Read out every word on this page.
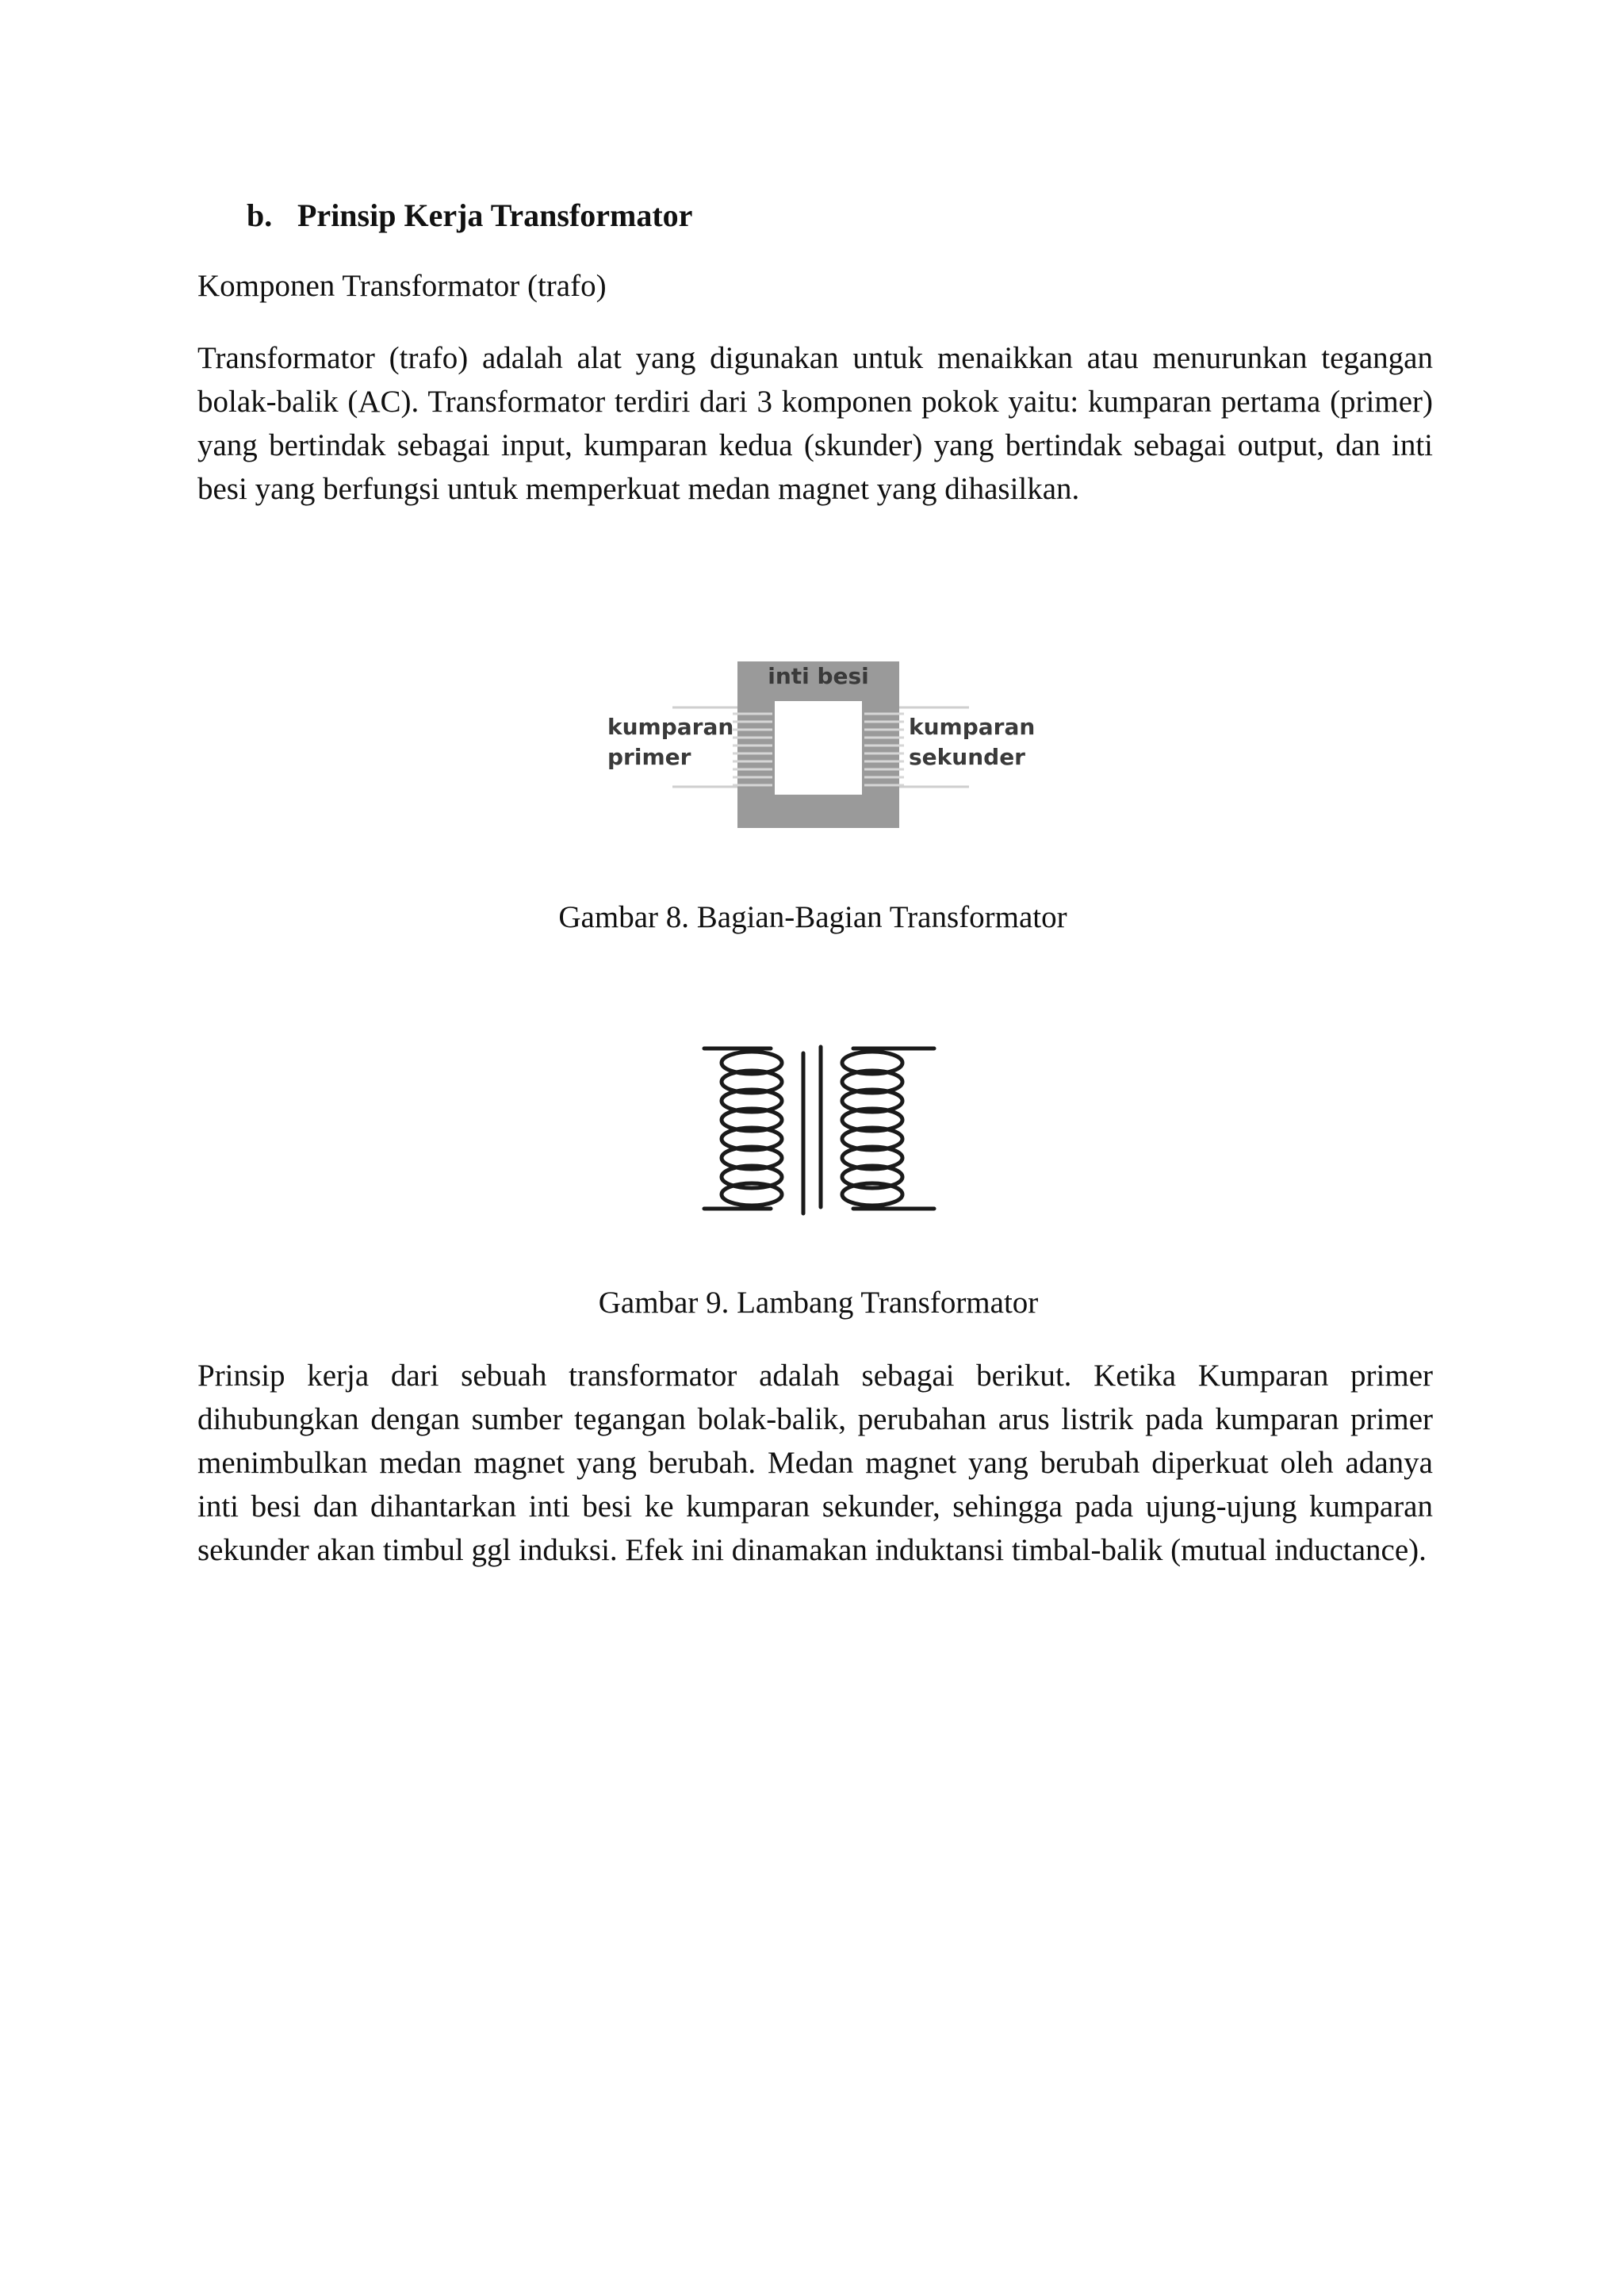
b. Prinsip Kerja Transformator
Komponen Transformator (trafo)

Transformator (trafo) adalah alat yang digunakan untuk menaikkan atau menurunkan tegangan bolak-balik (AC). Transformator terdiri dari 3 komponen pokok yaitu: kumparan pertama (primer) yang bertindak sebagai input, kumparan kedua (skunder) yang bertindak sebagai output, dan inti besi yang berfungsi untuk memperkuat medan magnet yang dihasilkan.

inti besi
kumparan
primer
kumparan
sekunder
Gambar 8. Bagian-Bagian Transformator
Gambar 9. Lambang Transformator

Prinsip kerja dari sebuah transformator adalah sebagai berikut. Ketika Kumparan primer dihubungkan dengan sumber tegangan bolak-balik, perubahan arus listrik pada kumparan primer menimbulkan medan magnet yang berubah. Medan magnet yang berubah diperkuat oleh adanya inti besi dan dihantarkan inti besi ke kumparan sekunder, sehingga pada ujung-ujung kumparan sekunder akan timbul ggl induksi. Efek ini dinamakan induktansi timbal-balik (mutual inductance).
